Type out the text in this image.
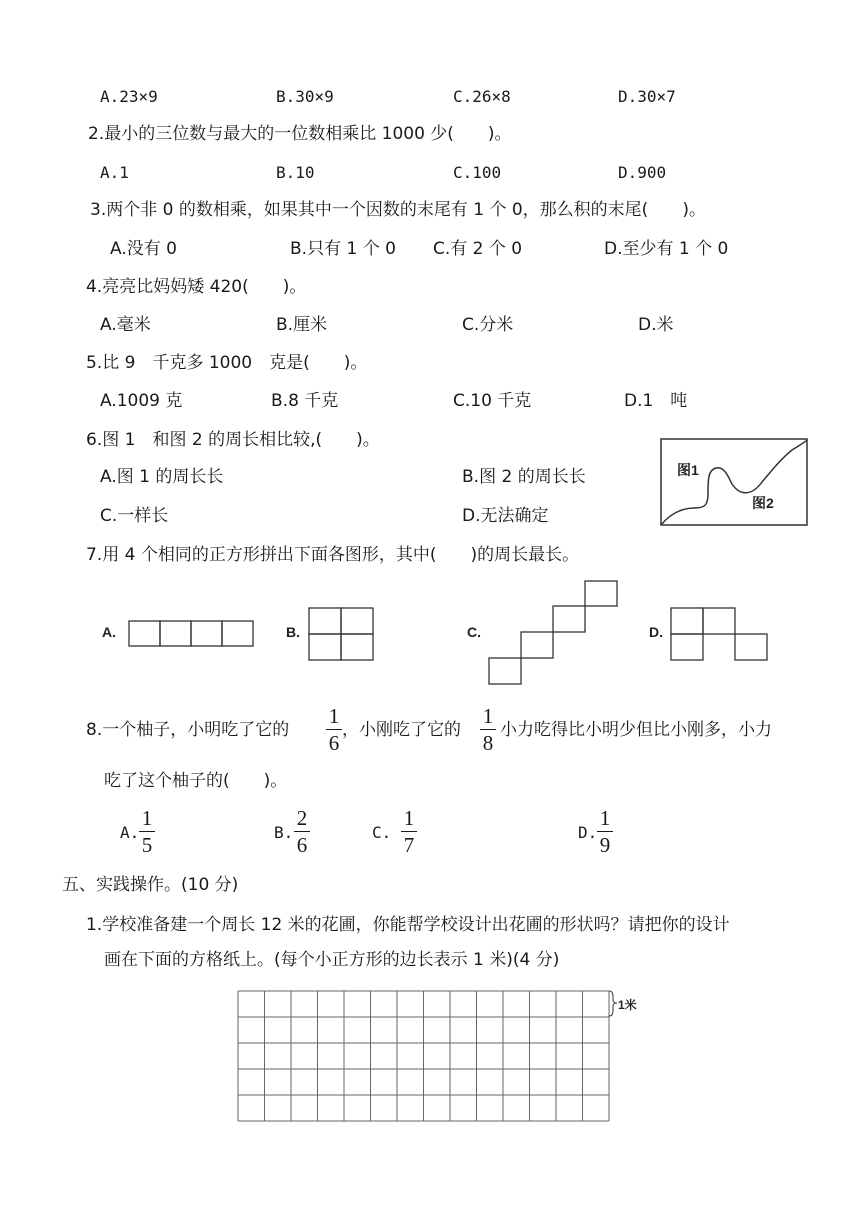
A.23×9	B.30×9	C.26×8	D.30×7
2.最小的三位数与最大的一位数相乘比 1000 少(　　)。
A.1	B.10	C.100	D.900
3.两个非 0 的数相乘，如果其中一个因数的末尾有 1 个 0，那么积的末尾(　　)。
A.没有 0	B.只有 1 个 0 C.有 2 个 0	D.至少有 1 个 0
4.亮亮比妈妈矮 420(　　)。
A.毫米	B.厘米	C.分米	D.米
5.比 9　千克多 1000　克是(　　)。
A.1009 克	B.8 千克	C.10 千克	D.1　吨
6.图 1　和图 2 的周长相比较,(　　)。
A.图 1 的周长长	B.图 2 的周长长
C.一样长	D.无法确定
图1
图2
7.用 4 个相同的正方形拼出下面各图形，其中(　　)的周长最长。
A.	B.	C.	D.
8.一个柚子，小明吃了它的
1
6
，小刚吃了它的
1
8
小力吃得比小明少但比小刚多，小力
吃了这个柚子的(　　)。
A.
1
5
B.
2
6
C.
1
7
D.
1
9
五、实践操作。(10 分)
1.学校准备建一个周长 12 米的花圃，你能帮学校设计出花圃的形状吗？请把你的设计
画在下面的方格纸上。(每个小正方形的边长表示 1 米)(4 分)
1米
